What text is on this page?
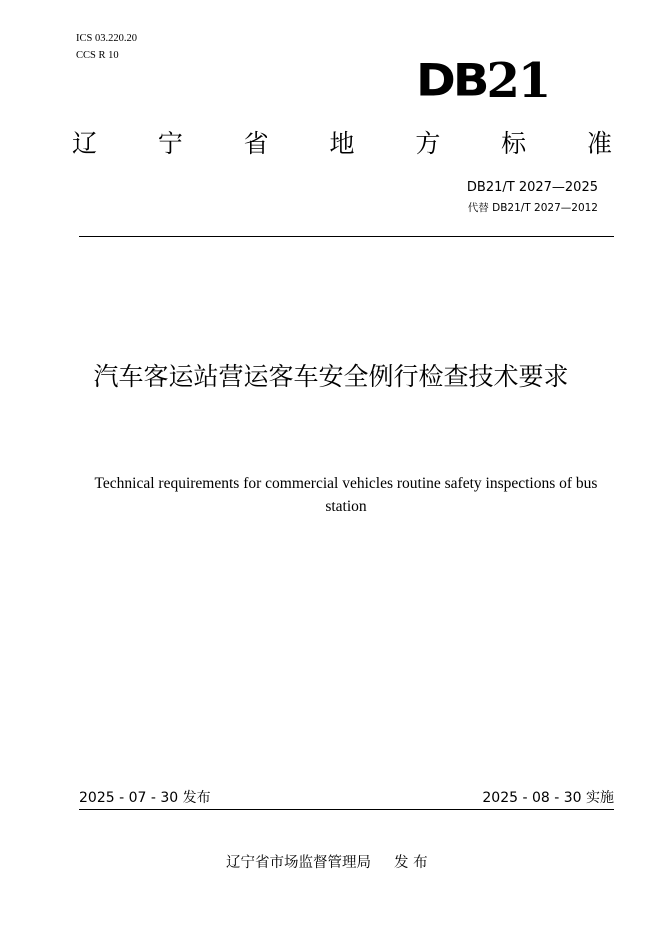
ICS 03.220.20
CCS R 10	DB21
辽 宁 省 地 方 标 准
DB21/T 2027—2025
代替 DB21/T 2027—2012
汽车客运站营运客车安全例行检查技术要求
Technical requirements for commercial vehicles routine safety inspections of bus station
2025 - 07 - 30 发布	2025 - 08 - 30 实施
辽宁省市场监督管理局     发 布
